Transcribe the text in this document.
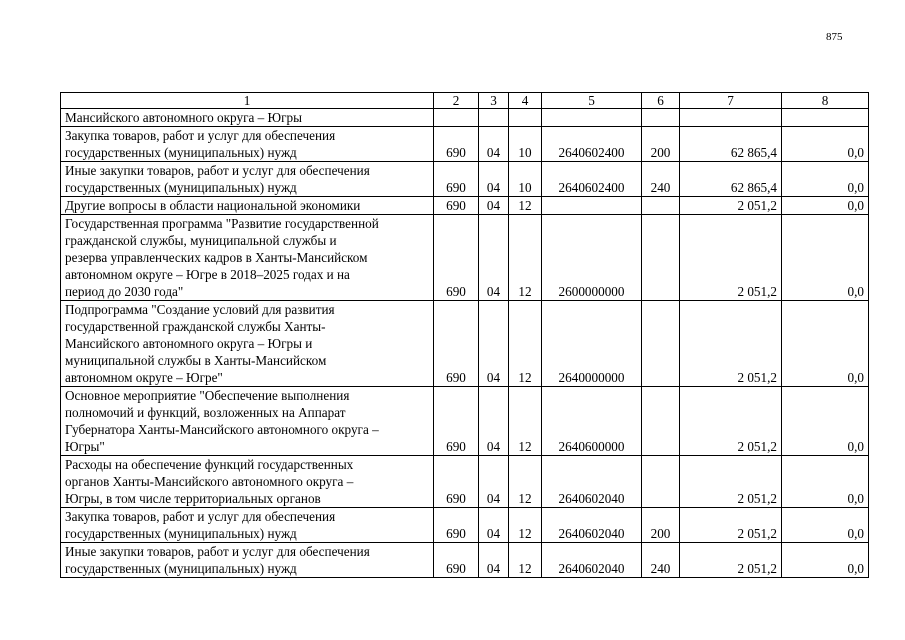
875
1	2	3	4	5	6	7	8

Мансийского автономного округа – Югры							

Закупка товаров, работ и услуг для обеспечения
государственных (муниципальных) нужд	690	04	10	2640602400	200	62 865,4	0,0

Иные закупки товаров, работ и услуг для обеспечения
государственных (муниципальных) нужд	690	04	10	2640602400	240	62 865,4	0,0

Другие вопросы в области национальной экономики	690	04	12			2 051,2	0,0

Государственная программа "Развитие государственной
гражданской службы, муниципальной службы и
резерва управленческих кадров в Ханты-Мансийском
автономном округе – Югре в 2018–2025 годах и на
период до 2030 года"	690	04	12	2600000000		2 051,2	0,0

Подпрограмма "Создание условий для развития
государственной гражданской службы Ханты-
Мансийского автономного округа – Югры и
муниципальной службы в Ханты-Мансийском
автономном округе – Югре"	690	04	12	2640000000		2 051,2	0,0

Основное мероприятие "Обеспечение выполнения
полномочий и функций, возложенных на Аппарат
Губернатора Ханты-Мансийского автономного округа –
Югры"	690	04	12	2640600000		2 051,2	0,0

Расходы на обеспечение функций государственных
органов Ханты-Мансийского автономного округа –
Югры, в том числе территориальных органов	690	04	12	2640602040		2 051,2	0,0

Закупка товаров, работ и услуг для обеспечения
государственных (муниципальных) нужд	690	04	12	2640602040	200	2 051,2	0,0

Иные закупки товаров, работ и услуг для обеспечения
государственных (муниципальных) нужд	690	04	12	2640602040	240	2 051,2	0,0
